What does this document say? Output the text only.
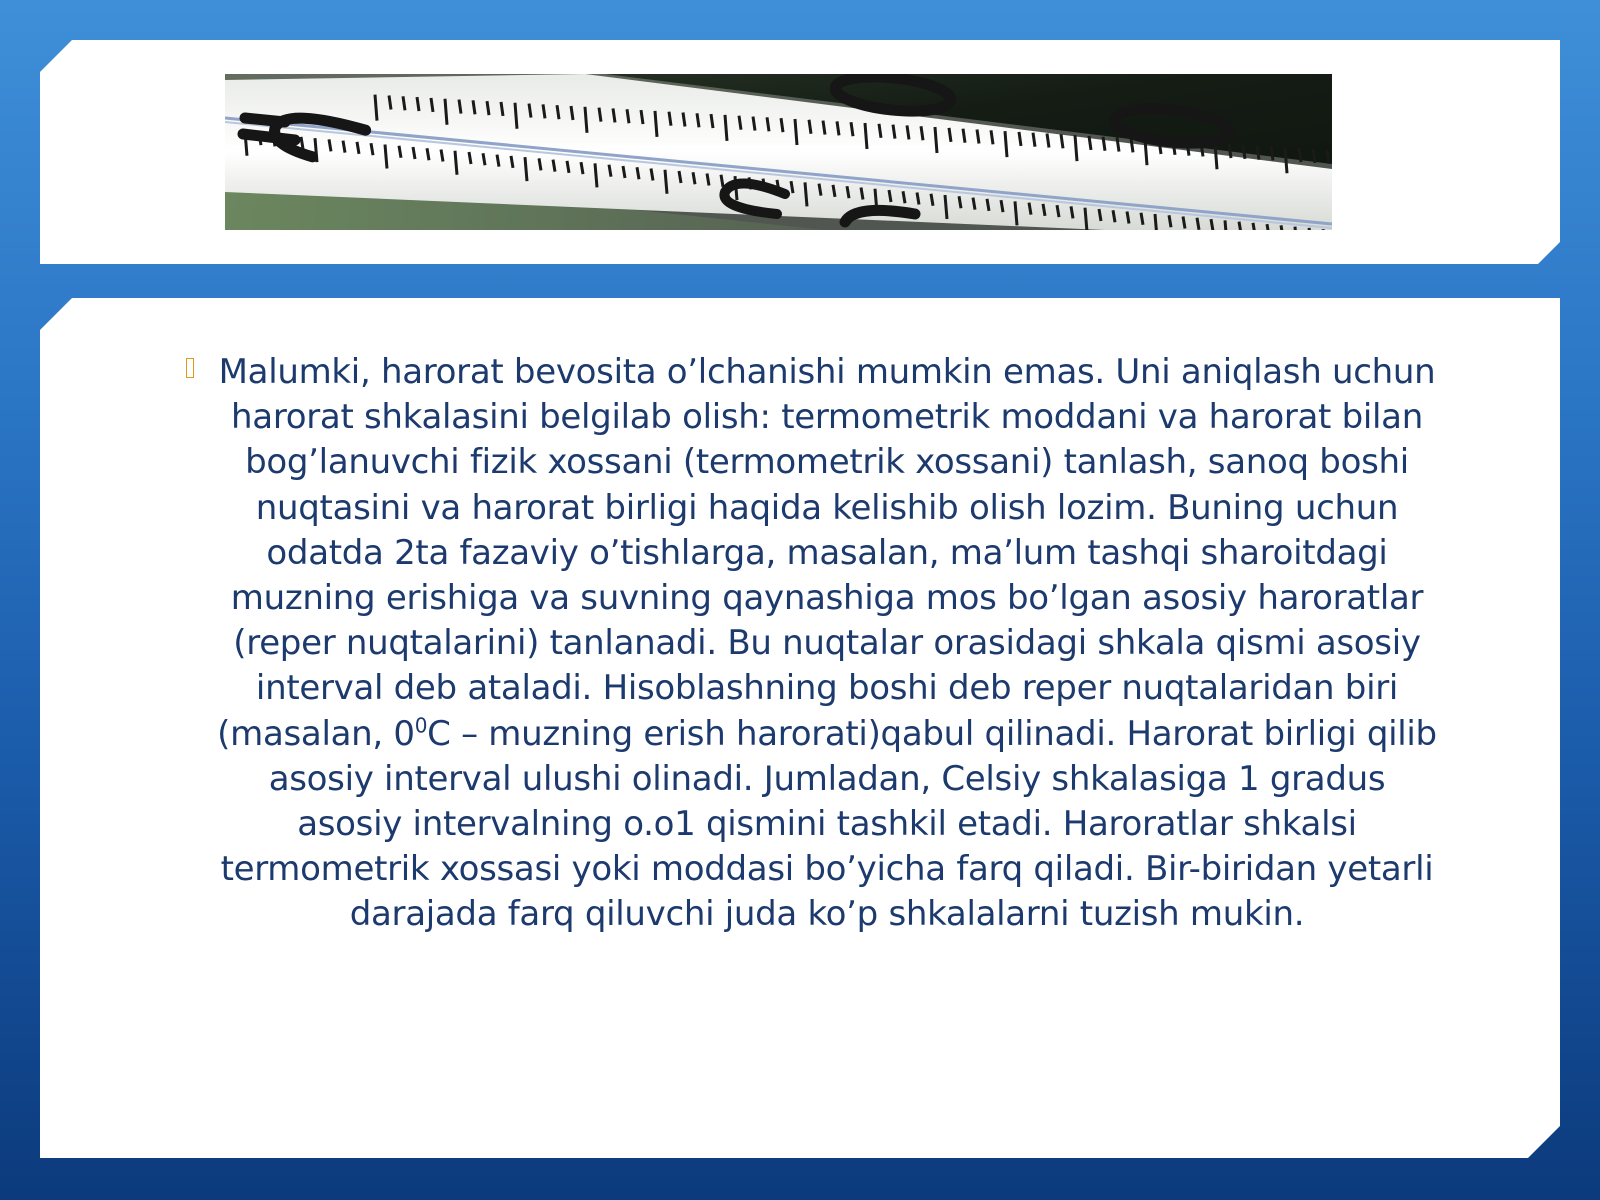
Malumki, harorat bevosita o’lchanishi mumkin emas. Uni aniqlash uchun harorat shkalasini belgilab olish: termometrik moddani va harorat bilan bog’lanuvchi fizik xossani (termometrik xossani) tanlash, sanoq boshi nuqtasini va harorat birligi haqida kelishib olish lozim. Buning uchun odatda 2ta fazaviy o’tishlarga, masalan, ma’lum tashqi sharoitdagi muzning erishiga va suvning qaynashiga mos bo’lgan asosiy haroratlar (reper nuqtalarini) tanlanadi. Bu nuqtalar orasidagi shkala qismi asosiy interval deb ataladi. Hisoblashning boshi deb reper nuqtalaridan biri (masalan, $0^0C$ – muzning erish harorati)qabul qilinadi. Harorat birligi qilib asosiy interval ulushi olinadi. Jumladan, Celsiy shkalasiga 1 gradus asosiy intervalning o.o1 qismini tashkil etadi. Haroratlar shkalsi termometrik xossasi yoki moddasi bo’yicha farq qiladi. Bir-biridan yetarli darajada farq qiluvchi juda ko’p shkalalarni tuzish mukin.
